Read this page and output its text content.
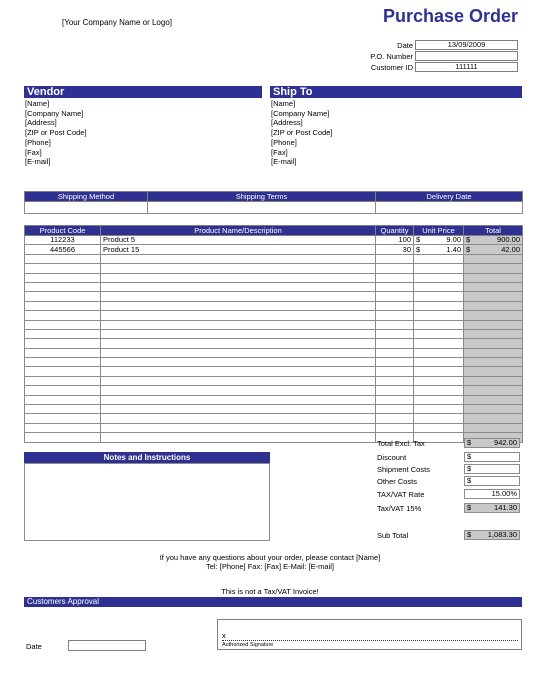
[Your Company Name or Logo]	Purchase Order
Date	13/09/2009
P.O. Number
Customer ID	111111
Vendor
[Name]
[Company Name]
[Address]
[ZIP or Post Code]
[Phone]
[Fax]
[E-mail]
Ship To
[Name]
[Company Name]
[Address]
[ZIP or Post Code]
[Phone]
[Fax]
[E-mail]
Shipping Method	Shipping Terms	Delivery Date

Product Code	Product Name/Description	Quantity	Unit Price	Total
112233	Product 5	100	$ 9.00	$ 900.00

445566	Product 15	30	$ 1.40	$ 42.00

Total Excl. Tax	$	942.00
Discount	$
Shipment Costs	$
Other Costs	$
TAX/VAT Rate	15.00%
Tax/VAT 15%	$	141.30
Sub Total	$ 1,083.30
Notes and Instructions
If you have any questions about your order, please contact [Name]
Tel: [Phone] Fax: [Fax] E-Mail: [E-mail]
This is not a Tax/VAT Invoice!
Customers Approval
Date
x
Authorized Signature
